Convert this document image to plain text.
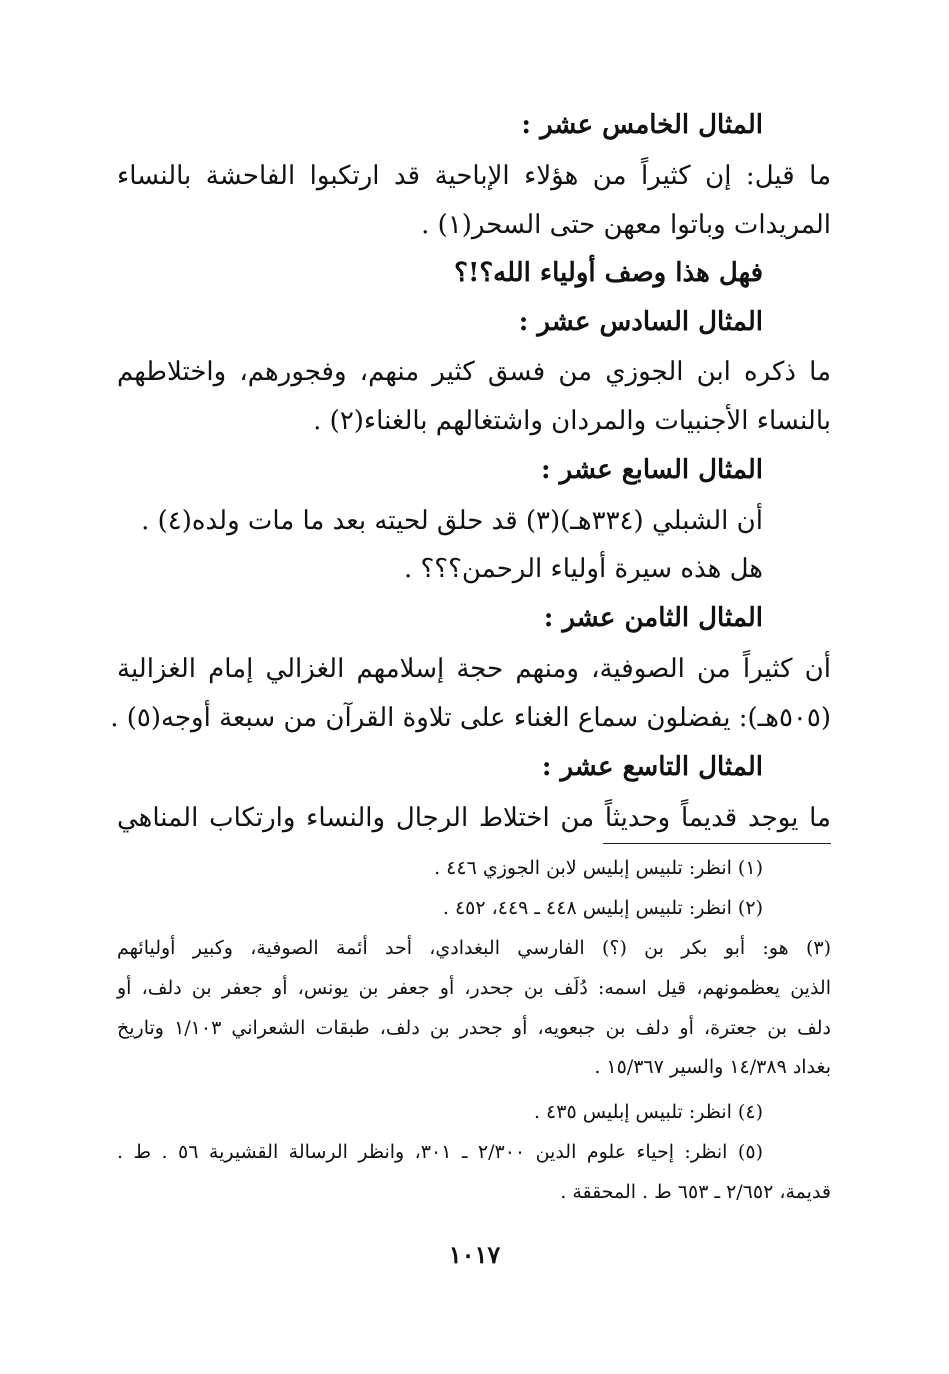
المثال الخامس عشر :
ما قيل: إن كثيراً من هؤلاء الإباحية قد ارتكبوا الفاحشة بالنساء
المريدات وباتوا معهن حتى السحر(١) .
فهل هذا وصف أولياء الله؟!؟
المثال السادس عشر :
ما ذكره ابن الجوزي من فسق كثير منهم، وفجورهم، واختلاطهم
بالنساء الأجنبيات والمردان واشتغالهم بالغناء(٢) .
المثال السابع عشر :
أن الشبلي (٣٣٤هـ)(٣) قد حلق لحيته بعد ما مات ولده(٤) .
هل هذه سيرة أولياء الرحمن؟؟؟ .
المثال الثامن عشر :
أن كثيراً من الصوفية، ومنهم حجة إسلامهم الغزالي إمام الغزالية
(٥٠٥هـ): يفضلون سماع الغناء على تلاوة القرآن من سبعة أوجه(٥) .
المثال التاسع عشر :
ما يوجد قديماً وحديثاً من اختلاط الرجال والنساء وارتكاب المناهي
(١) انظر: تلبيس إبليس لابن الجوزي ٤٤٦ .
(٢) انظر: تلبيس إبليس ٤٤٨ ـ ٤٤٩، ٤٥٢ .
(٣) هو: أبو بكر بن (؟) الفارسي البغدادي، أحد أئمة الصوفية، وكبير أوليائهم
الذين يعظمونهم، قيل اسمه: دُلَف بن جحدر، أو جعفر بن يونس، أو جعفر بن دلف، أو
دلف بن جعترة، أو دلف بن جبعويه، أو جحدر بن دلف، طبقات الشعراني ١/١٠٣ وتاريخ
بغداد ١٤/٣٨٩ والسير ١٥/٣٦٧ .
(٤) انظر: تلبيس إبليس ٤٣٥ .
(٥) انظر: إحياء علوم الدين ٢/٣٠٠ ـ ٣٠١، وانظر الرسالة القشيرية ٥٦ . ط .
قديمة، ٢/٦٥٢ ـ ٦٥٣ ط . المحققة .
١٠١٧
